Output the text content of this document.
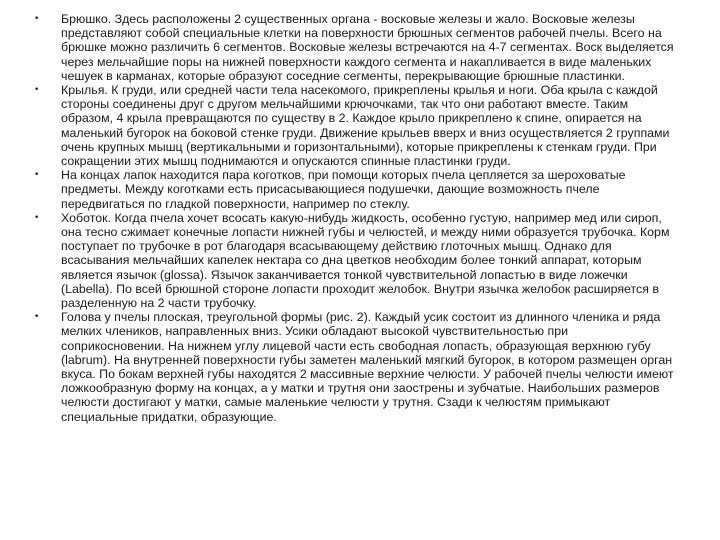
• Брюшко. Здесь расположены 2 существенных органа - восковые железы и жало. Восковые железы представляют собой специальные клетки на поверхности брюшных сегментов рабочей пчелы. Всего на брюшке можно различить 6 сегментов. Восковые железы встречаются на 4-7 сегментах. Воск выделяется через мельчайшие поры на нижней поверхности каждого сегмента и накапливается в виде маленьких чешуек в карманах, которые образуют соседние сегменты, перекрывающие брюшные пластинки.
• Крылья. К груди, или средней части тела насекомого, прикреплены крылья и ноги. Оба крыла с каждой стороны соединены друг с другом мельчайшими крючочками, так что они работают вместе. Таким образом, 4 крыла превращаются по существу в 2. Каждое крыло прикреплено к спине, опирается на маленький бугорок на боковой стенке груди. Движение крыльев вверх и вниз осуществляется 2 группами очень крупных мышц (вертикальными и горизонтальными), которые прикреплены к стенкам груди. При сокращении этих мышц поднимаются и опускаются спинные пластинки груди.
• На концах лапок находится пара коготков, при помощи которых пчела цепляется за шероховатые предметы. Между коготками есть присасывающиеся подушечки, дающие возможность пчеле передвигаться по гладкой поверхности, например по стеклу.
• Хоботок. Когда пчела хочет всосать какую-нибудь жидкость, особенно густую, например мед или сироп, она тесно сжимает конечные лопасти нижней губы и челюстей, и между ними образуется трубочка. Корм поступает по трубочке в рот благодаря всасывающему действию глоточных мышц. Однако для всасывания мельчайших капелек нектара со дна цветков необходим более тонкий аппарат, которым является язычок (glossa). Язычок заканчивается тонкой чувствительной лопастью в виде ложечки (Labella). По всей брюшной стороне лопасти проходит желобок. Внутри язычка желобок расширяется в разделенную на 2 части трубочку.
• Голова у пчелы плоская, треугольной формы (рис. 2). Каждый усик состоит из длинного членика и ряда мелких члеников, направленных вниз. Усики обладают высокой чувствительностью при соприкосновении. На нижнем углу лицевой части есть свободная лопасть, образующая верхнюю губу (labrum). На внутренней поверхности губы заметен маленький мягкий бугорок, в котором размещен орган вкуса. По бокам верхней губы находятся 2 массивные верхние челюсти. У рабочей пчелы челюсти имеют ложкообразную форму на концах, а у матки и трутня они заострены и зубчатые. Наибольших размеров челюсти достигают у матки, самые маленькие челюсти у трутня. Сзади к челюстям примыкают специальные придатки, образующие.
